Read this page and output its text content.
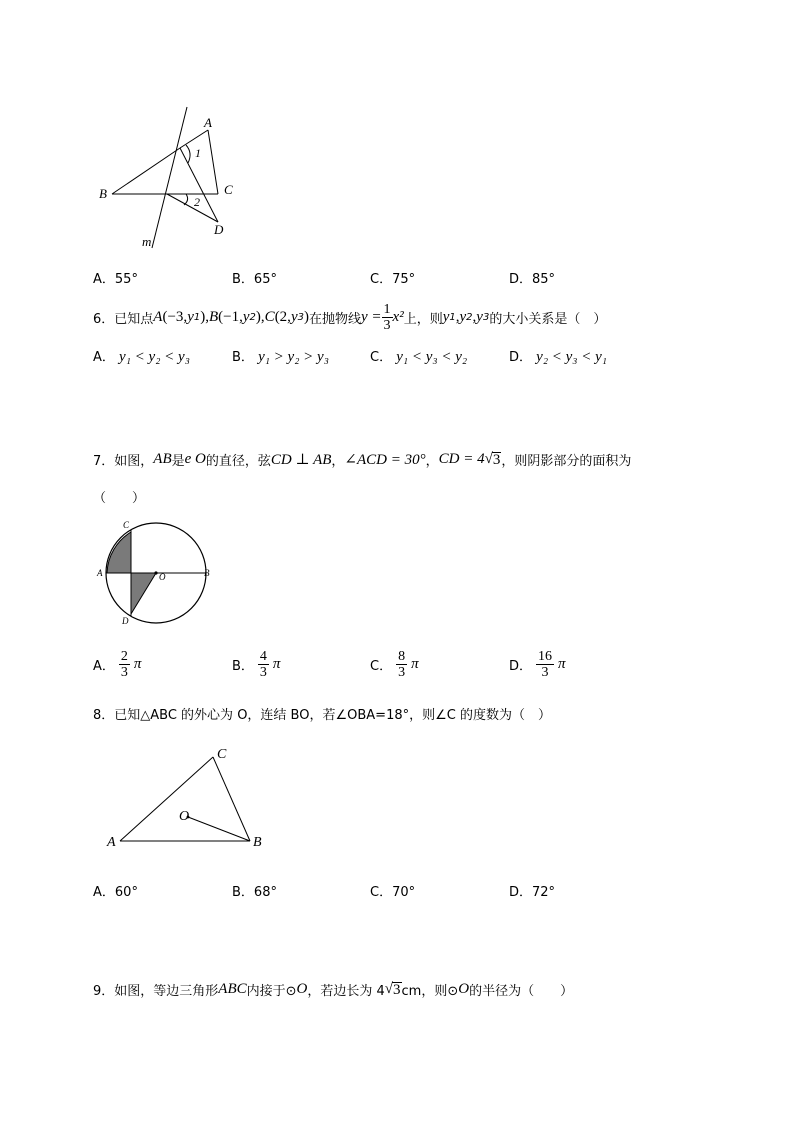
A
B	C
D
m
1
2
A．55°	B．65°	C．75°	D．85°
6． 已知点 A (−3, y 1 ) , B (−1, y 2 ) , C (2, y 3 ) 在抛物线 $y = \frac{1}{3} x^2$ 上，则 y 1 , y 2 , y 3 的大小关系是（　）
A． y₁ < y₂ < y₃	B． y₁ > y₂ > y₃	C． y₁ < y₃ < y₂	D． y₂ < y₃ < y₁
7． 如图， AB 是 e O 的直径，弦 CD ⊥ AB ， ∠ACD = 30° ， CD = 4 √ 3 ，则阴影部分的面积为
（　　）
C
A	O	B
D
A． $\frac{2}{3}$ π	B． $\frac{4}{3}$ π	C． $\frac{8}{3}$ π	D． $\frac{16}{3}$ π
8．已知△ABC 的外心为 O，连结 BO，若∠OBA=18°，则∠C 的度数为（　）
C
O
A	B
A．60°	B．68°	C．70°	D．72°
9．如图，等边三角形 ABC 内接于⊙ O ，若边长为 4 √ 3 cm，则⊙ O 的半径为（　　）
